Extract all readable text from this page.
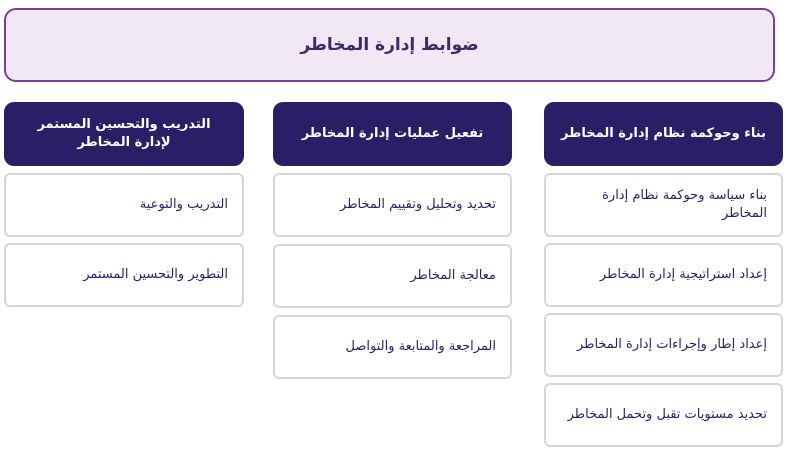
ضوابط إدارة المخاطر
بناء وحوكمة نظام إدارة المخاطر
بناء سياسة وحوكمة نظام إدارة المخاطر
إعداد استراتيجية إدارة المخاطر
إعداد إطار وإجراءات إدارة المخاطر
تحديد مستويات تقبل وتحمل المخاطر
تفعيل عمليات إدارة المخاطر
تحديد وتحليل وتقييم المخاطر
معالجة المخاطر
المراجعة والمتابعة والتواصل
التدريب والتحسين المستمر لإدارة المخاطر
التدريب والتوعية
التطوير والتحسين المستمر
